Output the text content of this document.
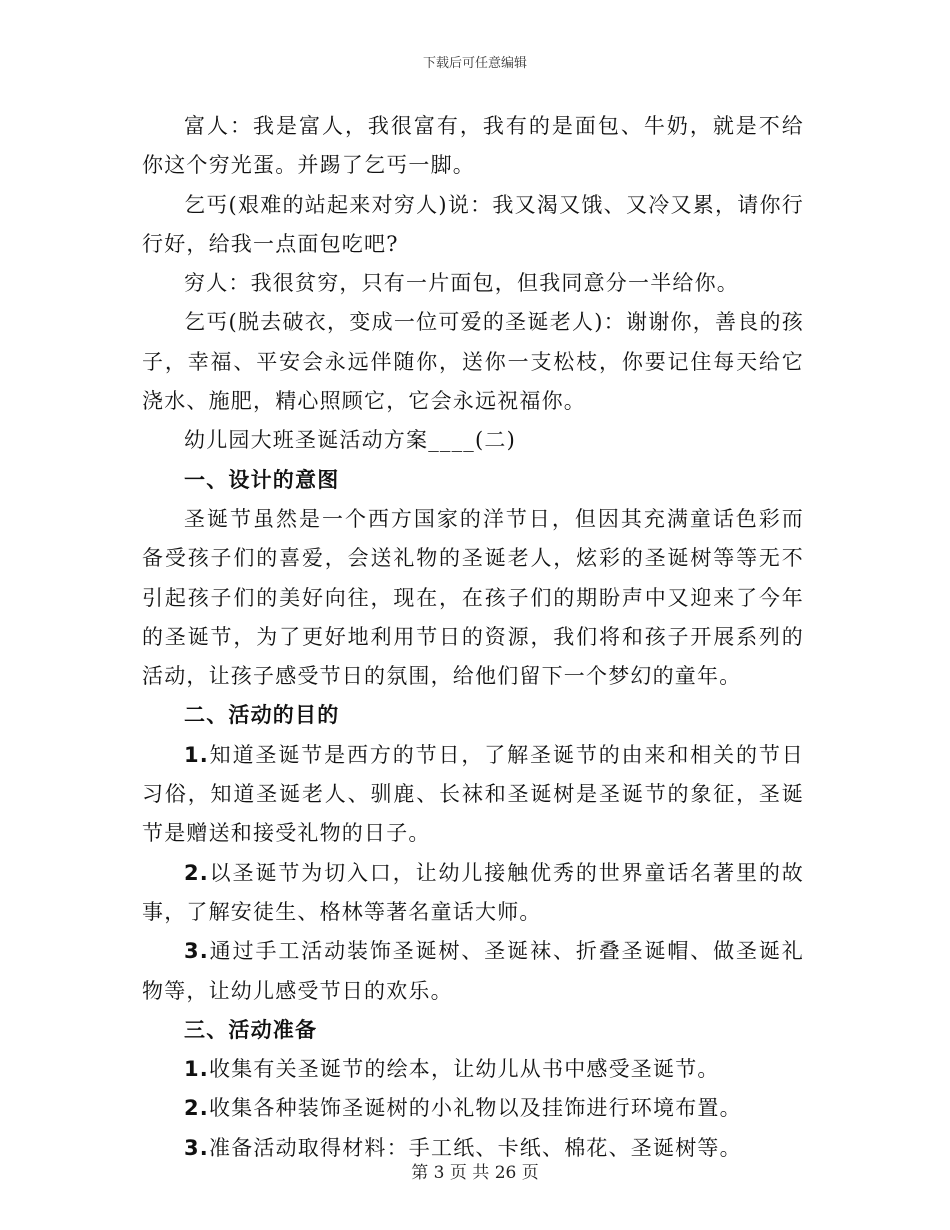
下载后可任意编辑

富人：我是富人，我很富有，我有的是面包、牛奶，就是不给你这个穷光蛋。并踢了乞丐一脚。

乞丐(艰难的站起来对穷人)说：我又渴又饿、又冷又累，请你行行好，给我一点面包吃吧?

穷人：我很贫穷，只有一片面包，但我同意分一半给你。

乞丐(脱去破衣，变成一位可爱的圣诞老人)：谢谢你，善良的孩子，幸福、平安会永远伴随你，送你一支松枝，你要记住每天给它浇水、施肥，精心照顾它，它会永远祝福你。

幼儿园大班圣诞活动方案____(二)

一、设计的意图

圣诞节虽然是一个西方国家的洋节日，但因其充满童话色彩而备受孩子们的喜爱，会送礼物的圣诞老人，炫彩的圣诞树等等无不引起孩子们的美好向往，现在，在孩子们的期盼声中又迎来了今年的圣诞节，为了更好地利用节日的资源，我们将和孩子开展系列的活动，让孩子感受节日的氛围，给他们留下一个梦幻的童年。

二、活动的目的

1.知道圣诞节是西方的节日，了解圣诞节的由来和相关的节日习俗，知道圣诞老人、驯鹿、长袜和圣诞树是圣诞节的象征，圣诞节是赠送和接受礼物的日子。

2.以圣诞节为切入口，让幼儿接触优秀的世界童话名著里的故事，了解安徒生、格林等著名童话大师。

3.通过手工活动装饰圣诞树、圣诞袜、折叠圣诞帽、做圣诞礼物等，让幼儿感受节日的欢乐。

三、活动准备

1.收集有关圣诞节的绘本，让幼儿从书中感受圣诞节。

2.收集各种装饰圣诞树的小礼物以及挂饰进行环境布置。

3.准备活动取得材料：手工纸、卡纸、棉花、圣诞树等。

第 3 页 共 26 页
